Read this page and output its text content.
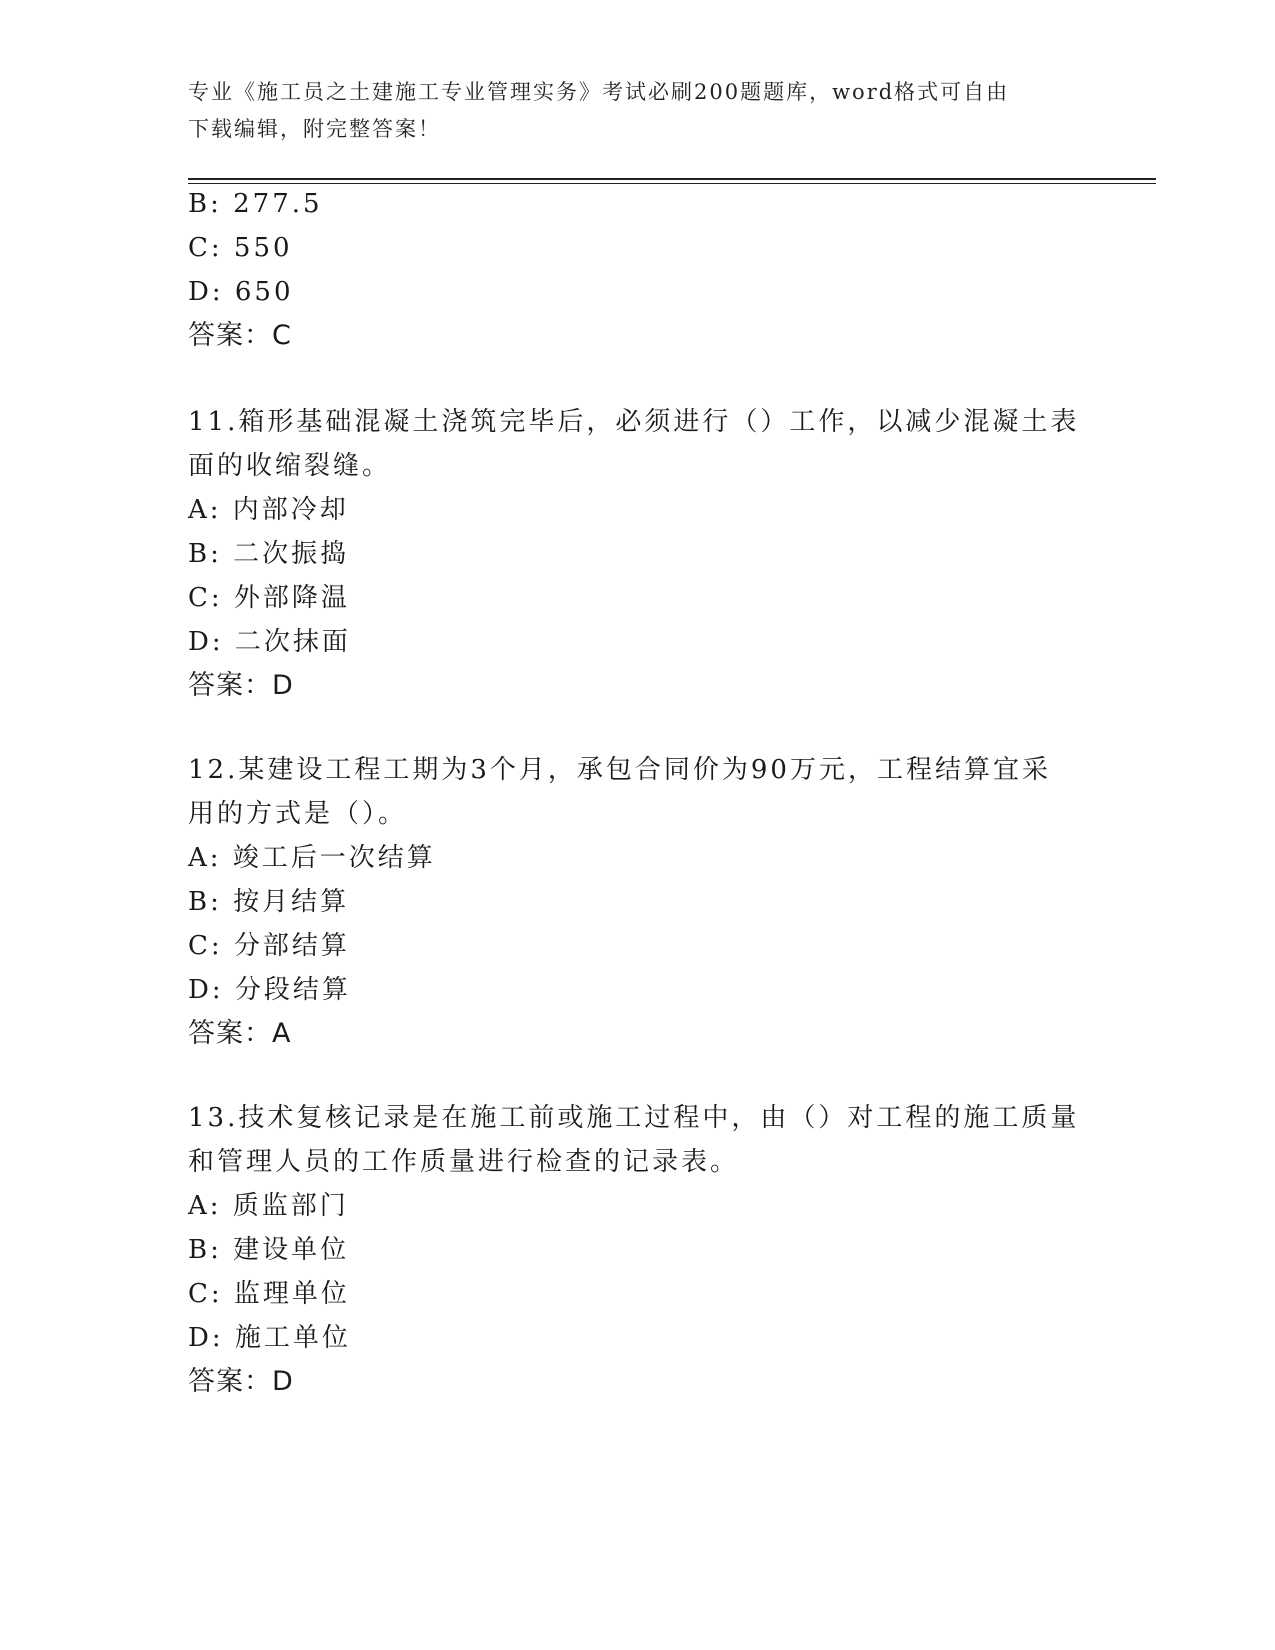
专业《施工员之土建施工专业管理实务》考试必刷200题题库，word格式可自由
下载编辑，附完整答案！
B: 277.5
C: 550
D: 650
答案：C
11.箱形基础混凝土浇筑完毕后，必须进行（）工作，以减少混凝土表
面的收缩裂缝。
A: 内部冷却
B: 二次振捣
C: 外部降温
D: 二次抹面
答案：D
12.某建设工程工期为3个月，承包合同价为90万元，工程结算宜采
用的方式是（）。
A: 竣工后一次结算
B: 按月结算
C: 分部结算
D: 分段结算
答案：A
13.技术复核记录是在施工前或施工过程中，由（）对工程的施工质量
和管理人员的工作质量进行检查的记录表。
A: 质监部门
B: 建设单位
C: 监理单位
D: 施工单位
答案：D
